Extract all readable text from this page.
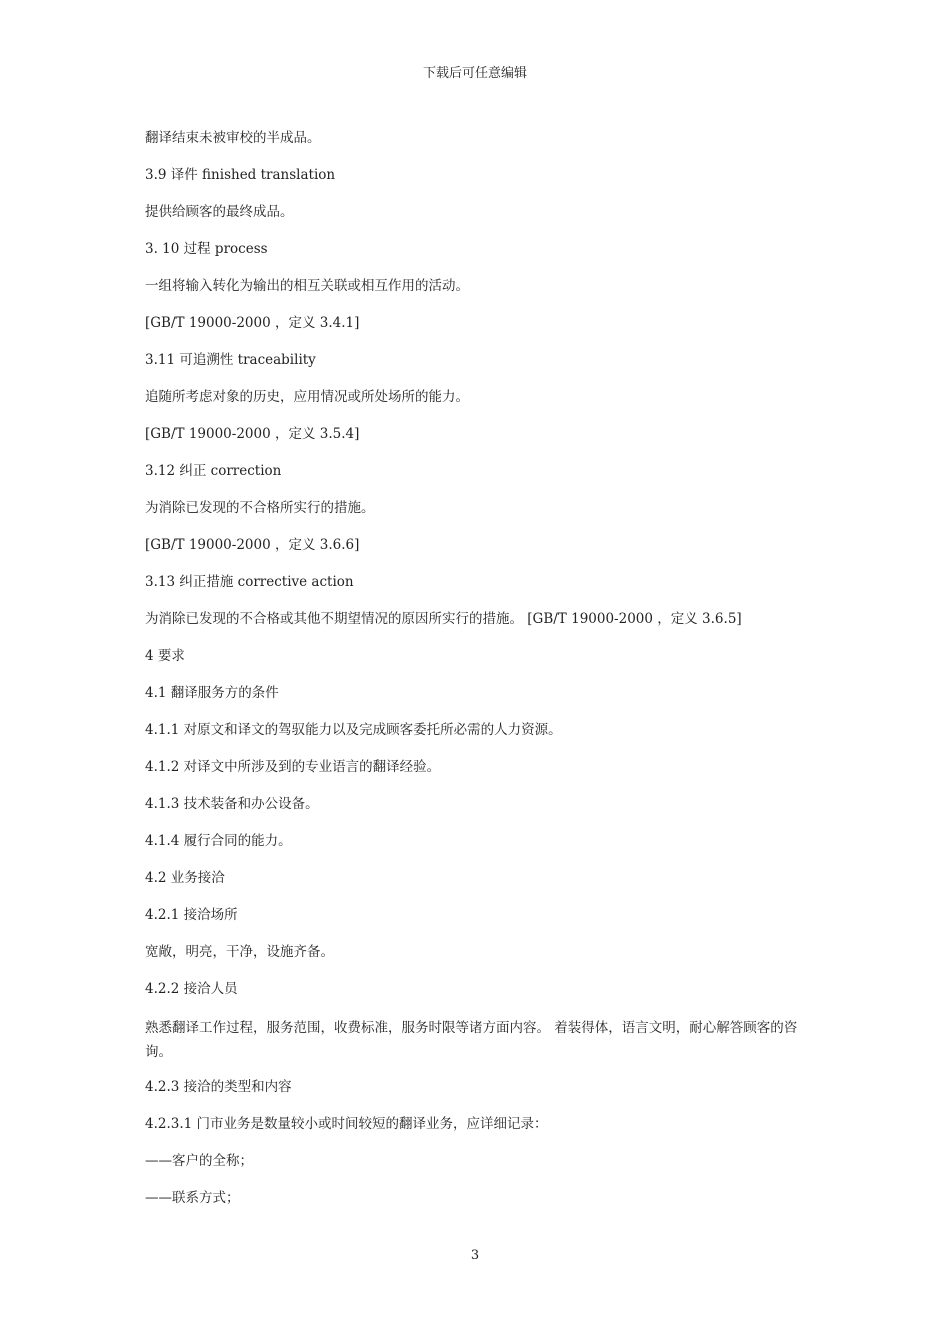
下载后可任意编辑

翻译结束未被审校的半成品。

3.9 译件 finished translation

提供给顾客的最终成品。

3. 10 过程 process

一组将输入转化为输出的相互关联或相互作用的活动。

[GB/T 19000-2000 ，定义 3.4.1]

3.11 可追溯性 traceability

追随所考虑对象的历史，应用情况或所处场所的能力。

[GB/T 19000-2000 ，定义 3.5.4]

3.12 纠正 correction

为消除已发现的不合格所实行的措施。

[GB/T 19000-2000 ，定义 3.6.6]

3.13 纠正措施 corrective action

为消除已发现的不合格或其他不期望情况的原因所实行的措施。 [GB/T 19000-2000 ，定义 3.6.5]

4 要求

4.1 翻译服务方的条件

4.1.1 对原文和译文的驾驭能力以及完成顾客委托所必需的人力资源。

4.1.2 对译文中所涉及到的专业语言的翻译经验。

4.1.3 技术装备和办公设备。

4.1.4 履行合同的能力。

4.2 业务接洽

4.2.1 接洽场所

宽敞，明亮，干净，设施齐备。

4.2.2 接洽人员

熟悉翻译工作过程，服务范围，收费标准，服务时限等诸方面内容。 着装得体，语言文明，耐心解答顾客的咨询。

4.2.3 接洽的类型和内容

4.2.3.1 门市业务是数量较小或时间较短的翻译业务，应详细记录：

——客户的全称；

——联系方式；

3
